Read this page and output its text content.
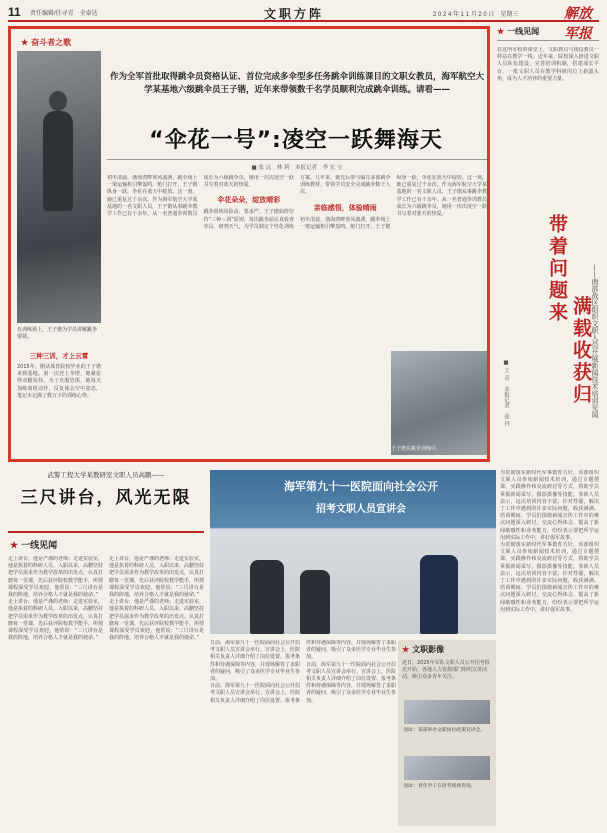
11 责任编辑/任寻青　全泰达	文职方阵	2 0 2 4 年 1 1 月 2 0 日　星期三	解放军报
★ 奋斗者之歌
在训练场上，王子锴为学员讲解跳伞要领。
作为全军首批取得跳伞员资格认证、首位完成多伞型多任务跳伞训练课目的文职女教员，海军航空大学某基地六级跳伞员王子锴，近年来带领数千名学员顺利完成跳伞训练。请看——
“伞花一号”:凌空一跃舞海天
■ 张 远　林 莉　本报记者　李 宏 宝

初冬清晨，渤海湾畔寒风凛冽，跳伞场上一架运输机引擎轰鸣。舱门打开，王子锴纵身一跃，伞花在蓝天中绽放。这一刻，她已重复过千余次。作为海军航空大学某基地的一名文职人员，王子锴从事跳伞教学工作已有十余年。从一名普通伞训教员成长为六级跳伞员，她用一次次凌空一跃书写着对蓝天的热爱。

伞花朵朵，绽放晴彩

跳伞训练风险高、要求严。王子锴始终坚持“三种三训”原则，每次跳伞前认真检查伞具、研判天气，为学员制定个性化训练方案。几年来，她先后参与编写多部跳伞训练教材，带领学员安全完成跳伞数千人次。

亲临感悟，体验晴雨

初冬清晨，渤海湾畔寒风凛冽，跳伞场上一架运输机引擎轰鸣。舱门打开，王子锴纵身一跃，伞花在蓝天中绽放。这一刻，她已重复过千余次。作为海军航空大学某基地的一名文职人员，王子锴从事跳伞教学工作已有十余年。从一名普通伞训教员成长为六级跳伞员，她用一次次凌空一跃书写着对蓝天的热爱。

三种三训，才上云霄

2015年，刚从体育院校毕业的王子锴来到基地。第一次登上伞塔，她紧张得双腿发抖。为了克服恐惧，她每天加练离机动作，反复体会空中姿态，笔记本记满了数万字的训练心得。

王子锴在跳伞训练中。
★ 一线见闻
在这所军校的课堂上，文职教员与现役教员一样站在教学一线。近年来，院校深入推进文职人员队伍建设，完善培训机制，搭建成长平台，一批文职人员在教学科研岗位上崭露头角，成为人才培养的重要力量。
带着问题来
满载收获归 ——南部战区组织文职人员开展新闻技术培训见闻
■ 王 奇　本报记者　张 丹
武警工程大学某教研室文职人员高鹏——
三尺讲台，风光无限
★ 一线见闻

走上讲台，他是严谨的老师；走进实验室，他是执着的科研人员。入职以来，高鹏坚持把学员需求作为教学改革的出发点，认真打磨每一堂课，先后获评院校教学能手，所授课程深受学员欢迎。他常说：“三尺讲台是我的阵地，培养合格人才就是我的使命。”

走上讲台，他是严谨的老师；走进实验室，他是执着的科研人员。入职以来，高鹏坚持把学员需求作为教学改革的出发点，认真打磨每一堂课，先后获评院校教学能手，所授课程深受学员欢迎。他常说：“三尺讲台是我的阵地，培养合格人才就是我的使命。”

走上讲台，他是严谨的老师；走进实验室，他是执着的科研人员。入职以来，高鹏坚持把学员需求作为教学改革的出发点，认真打磨每一堂课，先后获评院校教学能手，所授课程深受学员欢迎。他常说：“三尺讲台是我的阵地，培养合格人才就是我的使命。”

走上讲台，他是严谨的老师；走进实验室，他是执着的科研人员。入职以来，高鹏坚持把学员需求作为教学改革的出发点，认真打磨每一堂课，先后获评院校教学能手，所授课程深受学员欢迎。他常说：“三尺讲台是我的阵地，培养合格人才就是我的使命。”

海军第九十一医院面向社会公开
招考文职人员宣讲会

日前，海军第九十一医院面向社会公开招考文职人员宣讲会举行。宣讲会上，医院相关负责人详细介绍了岗位设置、报考条件和待遇保障等内容，并现场解答了求职者的疑问，吸引了众多医学专业毕业生参加。

日前，海军第九十一医院面向社会公开招考文职人员宣讲会举行。宣讲会上，医院相关负责人详细介绍了岗位设置、报考条件和待遇保障等内容，并现场解答了求职者的疑问，吸引了众多医学专业毕业生参加。

日前，海军第九十一医院面向社会公开招考文职人员宣讲会举行。宣讲会上，医院相关负责人详细介绍了岗位设置、报考条件和待遇保障等内容，并现场解答了求职者的疑问，吸引了众多医学专业毕业生参加。

★ 文职影像
近日，2025年军队文职人员公开招考报名开始，各地人力资源部门组织宣讲活动，吸引众多青年关注。
图①：某部举办文职岗位政策宣讲会。
图②：青年学子在招考现场咨询。

为贯彻落实新时代军事教育方针，该部组织文职人员参加新闻技术培训，通过专题授课、实践操作和交流研讨等方式，帮助学员掌握新闻采写、摄影摄像等技能。参训人员表示，这次培训内容丰富、针对性强，解决了工作中遇到的许多实际问题，收获满满。培训期间，学员们围绕新闻宣传工作中的难点问题深入研讨，交流心得体会，提高了新闻敏感性和业务能力，纷纷表示要把所学运用到实际工作中，讲好强军故事。

为贯彻落实新时代军事教育方针，该部组织文职人员参加新闻技术培训，通过专题授课、实践操作和交流研讨等方式，帮助学员掌握新闻采写、摄影摄像等技能。参训人员表示，这次培训内容丰富、针对性强，解决了工作中遇到的许多实际问题，收获满满。培训期间，学员们围绕新闻宣传工作中的难点问题深入研讨，交流心得体会，提高了新闻敏感性和业务能力，纷纷表示要把所学运用到实际工作中，讲好强军故事。
